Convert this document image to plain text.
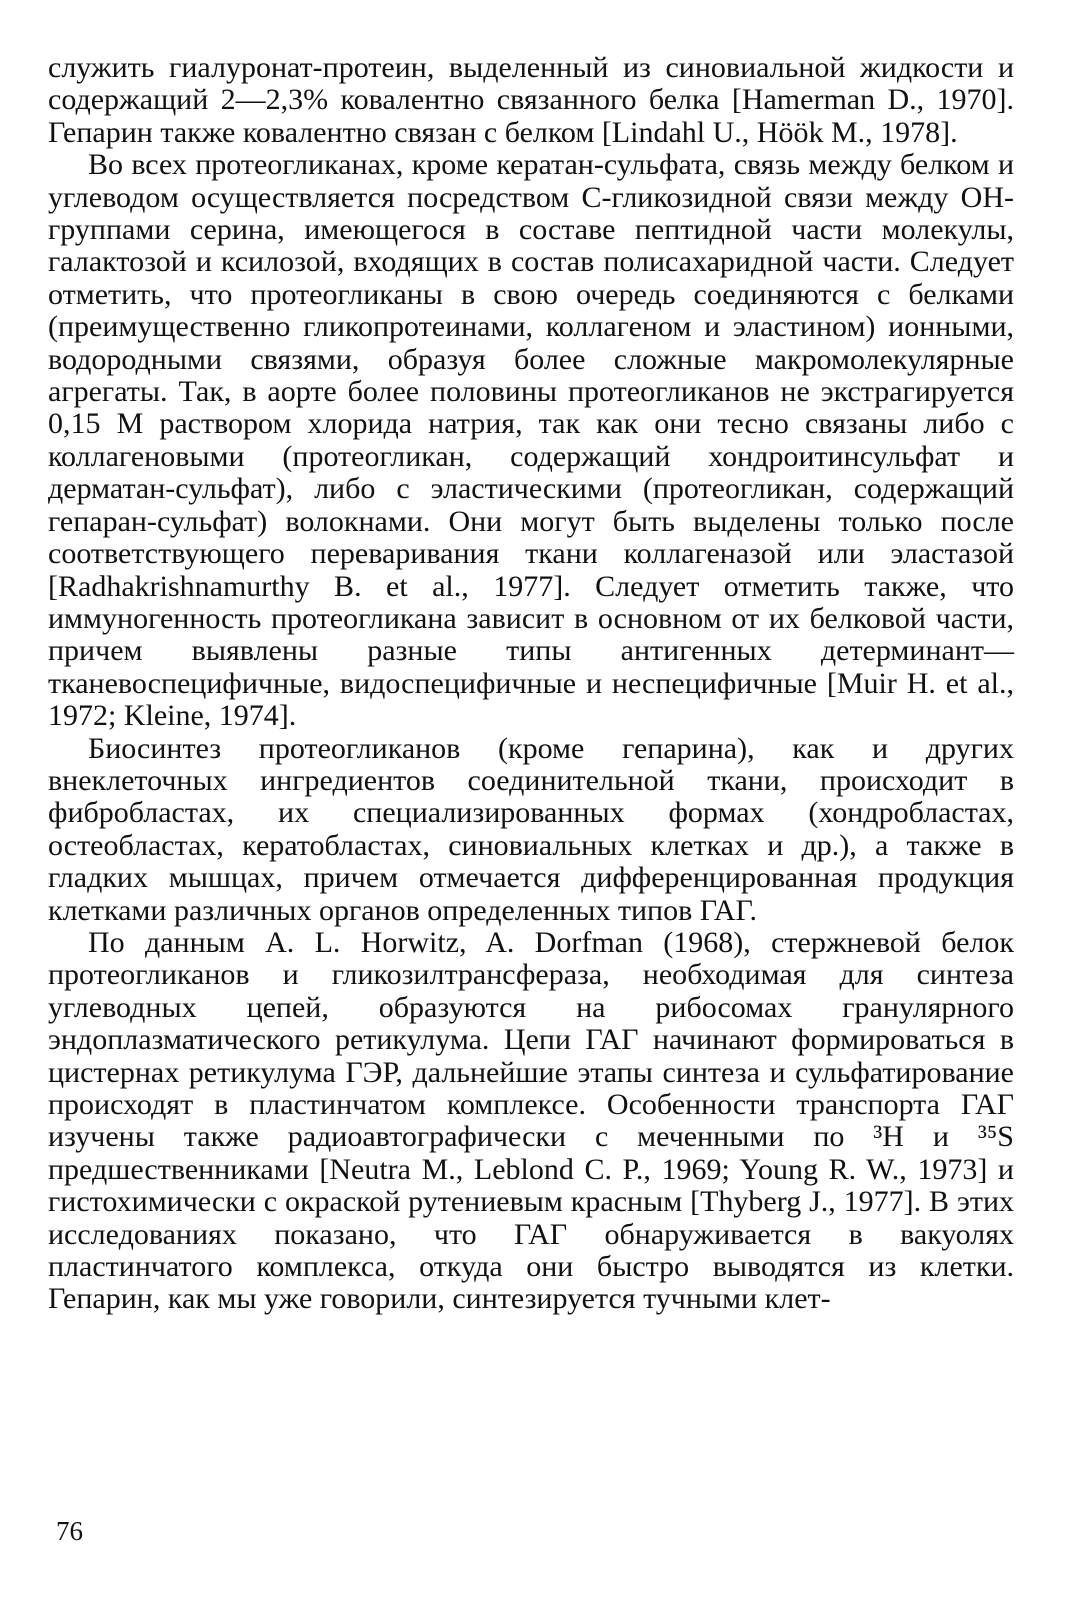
служить гиалуронат-протеин, выделенный из синовиальной жидкости и содержащий 2—2,3% ковалентно связанного белка [Hamerman D., 1970]. Гепарин также ковалентно связан с белком [Lindahl U., Höök M., 1978].

Во всех протеогликанах, кроме кератан-сульфата, связь между белком и углеводом осуществляется посредством С-гликозидной связи между ОН-группами серина, имеющегося в составе пептидной части молекулы, галактозой и ксилозой, входящих в состав полисахаридной части. Следует отметить, что протеогликаны в свою очередь соединяются с белками (преимущественно гликопротеинами, коллагеном и эластином) ионными, водородными связями, образуя более сложные макромолекулярные агрегаты. Так, в аорте более половины протеогликанов не экстрагируется 0,15 М раствором хлорида натрия, так как они тесно связаны либо с коллагеновыми (протеогликан, содержащий хондроитинсульфат и дерматан-сульфат), либо с эластическими (протеогликан, содержащий гепаран-сульфат) волокнами. Они могут быть выделены только после соответствующего переваривания ткани коллагеназой или эластазой [Radhakrishnamurthy B. et al., 1977]. Следует отметить также, что иммуногенность протеогликана зависит в основном от их белковой части, причем выявлены разные типы антигенных детерминант— тканевоспецифичные, видоспецифичные и неспецифичные [Muir H. et al., 1972; Kleine, 1974].

Биосинтез протеогликанов (кроме гепарина), как и других внеклеточных ингредиентов соединительной ткани, происходит в фибробластах, их специализированных формах (хондробластах, остеобластах, кератобластах, синовиальных клетках и др.), а также в гладких мышцах, причем отмечается дифференцированная продукция клетками различных органов определенных типов ГАГ.

По данным A. L. Horwitz, A. Dorfman (1968), стержневой белок протеогликанов и гликозилтрансфераза, необходимая для синтеза углеводных цепей, образуются на рибосомах гранулярного эндоплазматического ретикулума. Цепи ГАГ начинают формироваться в цистернах ретикулума ГЭР, дальнейшие этапы синтеза и сульфатирование происходят в пластинчатом комплексе. Особенности транспорта ГАГ изучены также радиоавтографически с меченными по ³Н и ³⁵S предшественниками [Neutra M., Leblond C. P., 1969; Young R. W., 1973] и гистохимически с окраской рутениевым красным [Thyberg J., 1977]. В этих исследованиях показано, что ГАГ обнаруживается в вакуолях пластинчатого комплекса, откуда они быстро выводятся из клетки. Гепарин, как мы уже говорили, синтезируется тучными клет-

76
